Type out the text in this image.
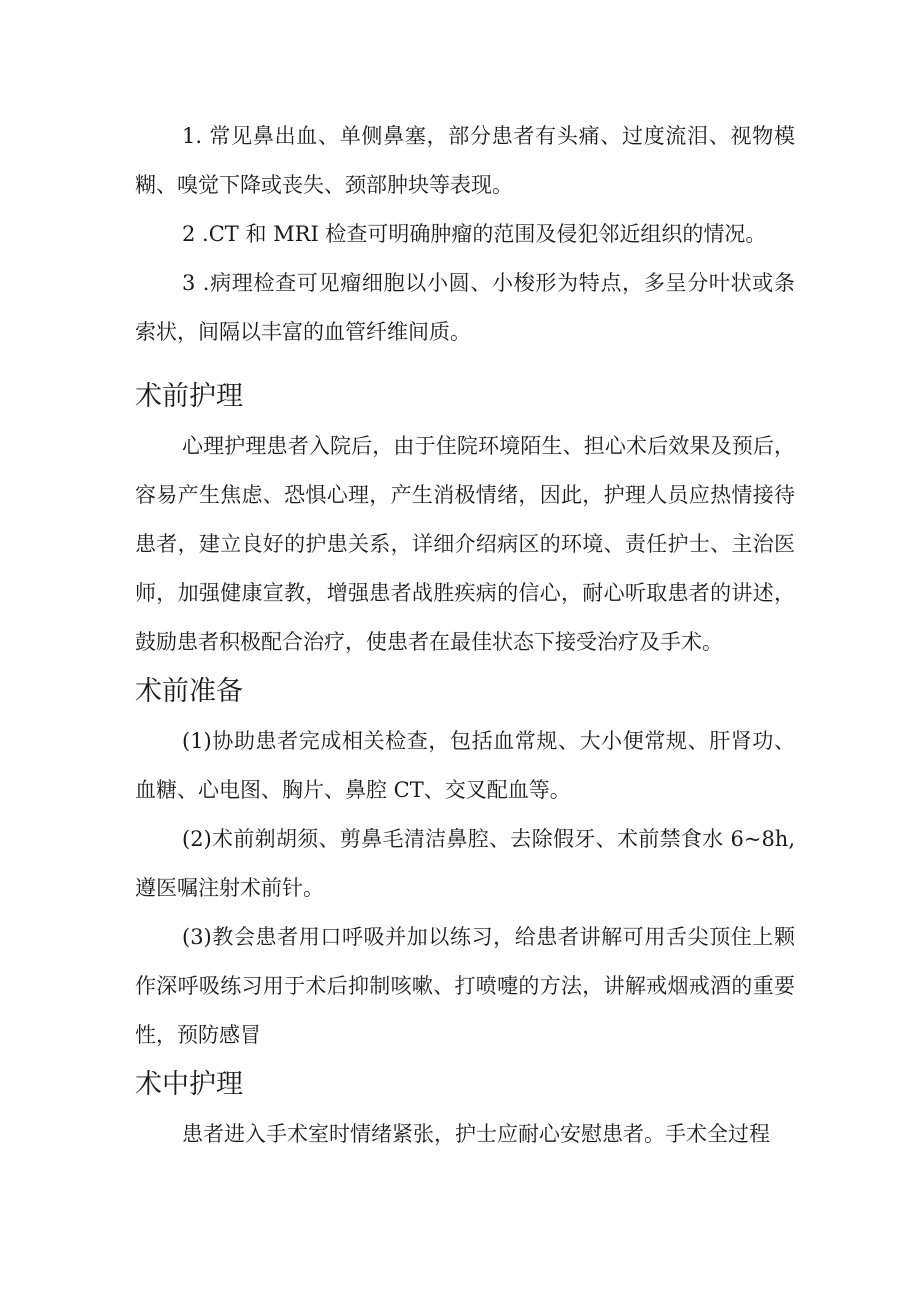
1. 常见鼻出血、单侧鼻塞，部分患者有头痛、过度流泪、视物模糊、嗅觉下降或丧失、颈部肿块等表现。

2 .CT 和 MRI 检查可明确肿瘤的范围及侵犯邻近组织的情况。

3 .病理检查可见瘤细胞以小圆、小梭形为特点，多呈分叶状或条索状，间隔以丰富的血管纤维间质。

术前护理

心理护理患者入院后，由于住院环境陌生、担心术后效果及预后，容易产生焦虑、恐惧心理，产生消极情绪，因此，护理人员应热情接待患者，建立良好的护患关系，详细介绍病区的环境、责任护士、主治医师，加强健康宣教，增强患者战胜疾病的信心，耐心听取患者的讲述，鼓励患者积极配合治疗，使患者在最佳状态下接受治疗及手术。

术前准备

(1)协助患者完成相关检查，包括血常规、大小便常规、肝肾功、血糖、心电图、胸片、鼻腔 CT、交叉配血等。

(2)术前剃胡须、剪鼻毛清洁鼻腔、去除假牙、术前禁食水 6~8h, 遵医嘱注射术前针。

(3)教会患者用口呼吸并加以练习，给患者讲解可用舌尖顶住上颗作深呼吸练习用于术后抑制咳嗽、打喷嚏的方法，讲解戒烟戒酒的重要性，预防感冒

术中护理

患者进入手术室时情绪紧张，护士应耐心安慰患者。手术全过程
